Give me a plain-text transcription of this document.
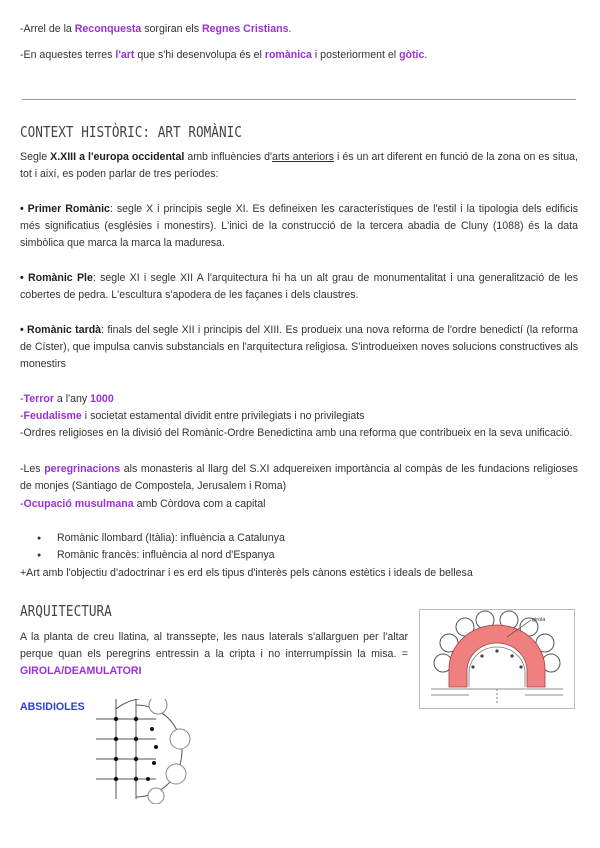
-Arrel de la Reconquesta sorgiran els Regnes Cristians.

-En aquestes terres l'art que s'hi desenvolupa és el romànica i posteriorment el gòtic.

CONTEXT HISTÒRIC: ART ROMÀNIC

Segle X.XIII a l'europa occidental amb influències d'arts anteriors i és un art diferent en funció de la zona on es situa, tot i així, es poden parlar de tres períodes:

• Primer Romànic: segle X i principis segle XI. Es defineixen les característiques de l'estil i la tipologia dels edificis més significatius (esglésies i monestirs). L'inici de la construcció de la tercera abadia de Cluny (1088) és la data simbòlica que marca la marca la maduresa.

• Romànic Ple: segle XI i segle XII A l'arquitectura hi ha un alt grau de monumentalitat i una generalització de les cobertes de pedra. L'escultura s'apodera de les façanes i dels claustres.

• Romànic tardà: finals del segle XII i principis del XIII. Es produeix una nova reforma de l'ordre benedictí (la reforma de Císter), que impulsa canvis substancials en l'arquitectura religiosa. S'introdueixen noves solucions constructives als monestirs

-Terror a l'any 1000

-Feudalisme i societat estamental dividit entre privilegiats i no privilegiats

-Ordres religioses en la divisió del Romànic-Ordre Benedictina amb una reforma que contribueix en la seva unificació.

-Les peregrinacions als monasteris al llarg del S.XI adquereixen importància al compàs de les fundacions religioses de monjes (Santiago de Compostela, Jerusalem i Roma)

-Ocupació musulmana amb Còrdova com a capital

● Romànic llombard (Itàlia): influència a Catalunya
● Romànic francès: influència al nord d'Espanya

+Art amb l'objectiu d'adoctrinar i es erd els tipus d'interès pels cànons estètics i ideals de bellesa

ARQUITECTURA

A la planta de creu llatina, al transsepte, les naus laterals s'allarguen per l'altar perque quan els peregrins entressin a la cripta i no interrumpíssin la misa. = GIROLA/DEAMULATORI

ABSIDIOLES

girola
